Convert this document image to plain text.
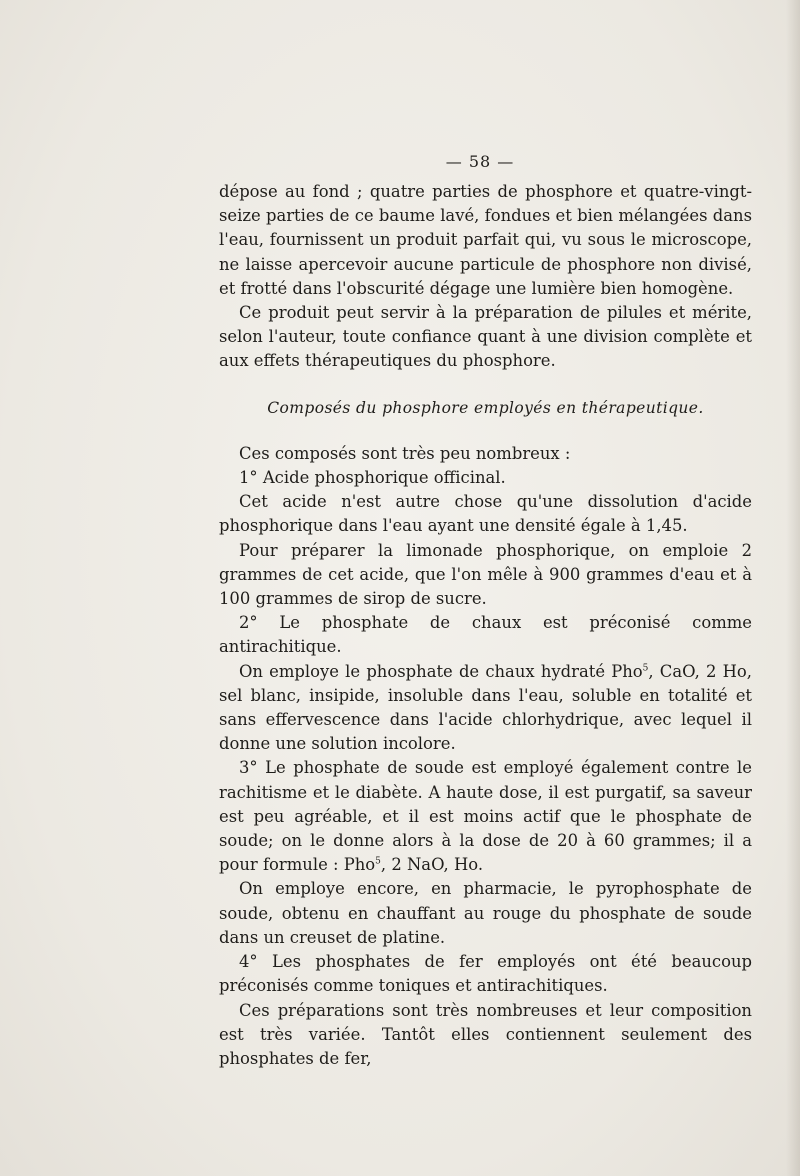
— 58 —

dépose au fond ; quatre parties de phosphore et quatre-vingt-seize parties de ce baume lavé, fondues et bien mélangées dans l'eau, fournissent un produit parfait qui, vu sous le microscope, ne laisse apercevoir aucune particule de phosphore non divisé, et frotté dans l'obscurité dégage une lumière bien homogène.

Ce produit peut servir à la préparation de pilules et mérite, selon l'auteur, toute confiance quant à une division complète et aux effets thérapeutiques du phosphore.

Composés du phosphore employés en thérapeutique.

Ces composés sont très peu nombreux :

1° Acide phosphorique officinal.

Cet acide n'est autre chose qu'une dissolution d'acide phosphorique dans l'eau ayant une densité égale à 1,45.

Pour préparer la limonade phosphorique, on emploie 2 grammes de cet acide, que l'on mêle à 900 grammes d'eau et à 100 grammes de sirop de sucre.

2° Le phosphate de chaux est préconisé comme antirachitique.

On employe le phosphate de chaux hydraté Pho$^5$, CaO, 2 Ho, sel blanc, insipide, insoluble dans l'eau, soluble en totalité et sans effervescence dans l'acide chlorhydrique, avec lequel il donne une solution incolore.

3° Le phosphate de soude est employé également contre le rachitisme et le diabète. A haute dose, il est purgatif, sa saveur est peu agréable, et il est moins actif que le phosphate de soude; on le donne alors à la dose de 20 à 60 grammes; il a pour formule : Pho$^5$, 2 NaO, Ho.

On employe encore, en pharmacie, le pyrophosphate de soude, obtenu en chauffant au rouge du phosphate de soude dans un creuset de platine.

4° Les phosphates de fer employés ont été beaucoup préconisés comme toniques et antirachitiques.

Ces préparations sont très nombreuses et leur composition est très variée. Tantôt elles contiennent seulement des phosphates de fer,
